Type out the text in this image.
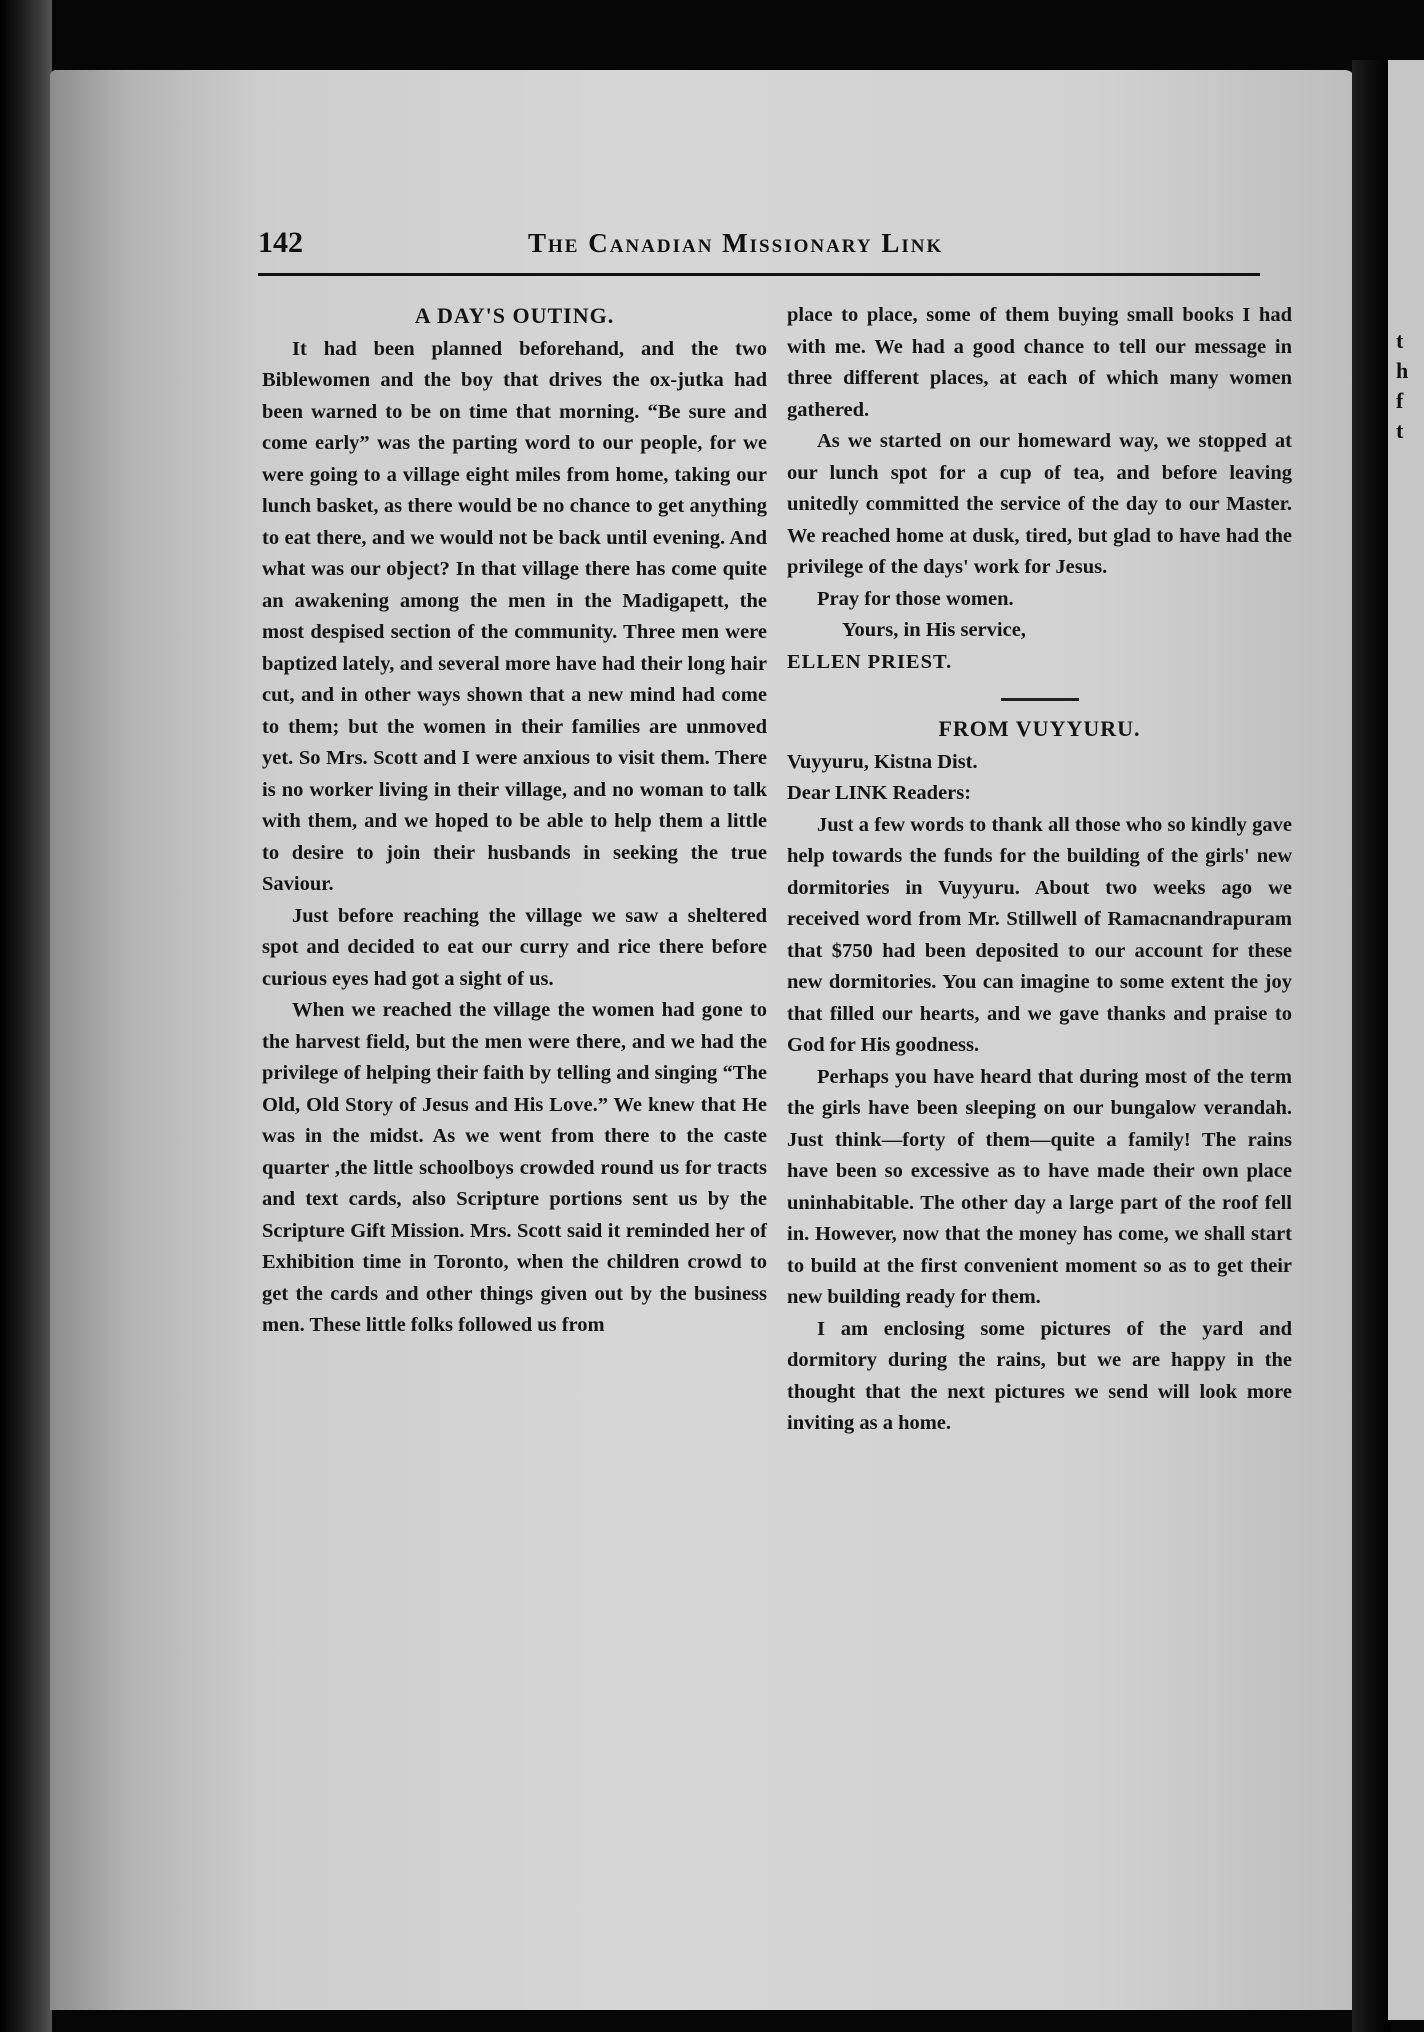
t
h
f
t
142	The Canadian Missionary Link
A DAY'S OUTING.

It had been planned beforehand, and the two Biblewomen and the boy that drives the ox-jutka had been warned to be on time that morning. “Be sure and come early” was the parting word to our people, for we were going to a village eight miles from home, taking our lunch basket, as there would be no chance to get anything to eat there, and we would not be back until evening. And what was our object? In that village there has come quite an awakening among the men in the Madigapett, the most despised section of the community. Three men were baptized lately, and several more have had their long hair cut, and in other ways shown that a new mind had come to them; but the women in their families are unmoved yet. So Mrs. Scott and I were anxious to visit them. There is no worker living in their village, and no woman to talk with them, and we hoped to be able to help them a little to desire to join their husbands in seeking the true Saviour.

Just before reaching the village we saw a sheltered spot and decided to eat our curry and rice there before curious eyes had got a sight of us.

When we reached the village the women had gone to the harvest field, but the men were there, and we had the privilege of helping their faith by telling and singing “The Old, Old Story of Jesus and His Love.” We knew that He was in the midst. As we went from there to the caste quarter ,the little schoolboys crowded round us for tracts and text cards, also Scripture portions sent us by the Scripture Gift Mission. Mrs. Scott said it reminded her of Exhibition time in Toronto, when the children crowd to get the cards and other things given out by the business men. These little folks followed us from

place to place, some of them buying small books I had with me. We had a good chance to tell our message in three different places, at each of which many women gathered.

As we started on our homeward way, we stopped at our lunch spot for a cup of tea, and before leaving unitedly committed the service of the day to our Master. We reached home at dusk, tired, but glad to have had the privilege of the days' work for Jesus.

Pray for those women.

Yours, in His service,

ELLEN PRIEST.

FROM VUYYURU.

Vuyyuru, Kistna Dist.

Dear LINK Readers:

Just a few words to thank all those who so kindly gave help towards the funds for the building of the girls' new dormitories in Vuyyuru. About two weeks ago we received word from Mr. Stillwell of Ramacnandrapuram that $750 had been deposited to our account for these new dormitories. You can imagine to some extent the joy that filled our hearts, and we gave thanks and praise to God for His goodness.

Perhaps you have heard that during most of the term the girls have been sleeping on our bungalow verandah. Just think—forty of them—quite a family! The rains have been so excessive as to have made their own place uninhabitable. The other day a large part of the roof fell in. However, now that the money has come, we shall start to build at the first convenient moment so as to get their new building ready for them.

I am enclosing some pictures of the yard and dormitory during the rains, but we are happy in the thought that the next pictures we send will look more inviting as a home.
